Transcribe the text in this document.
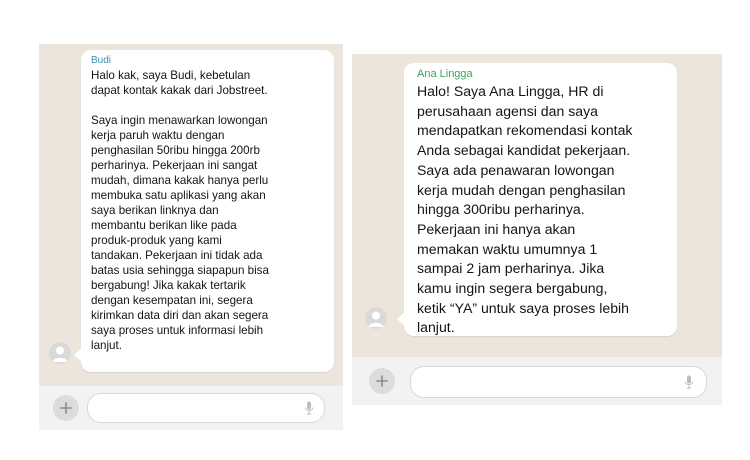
Budi

Halo kak, saya Budi, kebetulan
dapat kontak kakak dari Jobstreet.

Saya ingin menawarkan lowongan
kerja paruh waktu dengan
penghasilan 50ribu hingga 200rb
perharinya. Pekerjaan ini sangat
mudah, dimana kakak hanya perlu
membuka satu aplikasi yang akan
saya berikan linknya dan
membantu berikan like pada
produk-produk yang kami
tandakan. Pekerjaan ini tidak ada
batas usia sehingga siapapun bisa
bergabung! Jika kakak tertarik
dengan kesempatan ini, segera
kirimkan data diri dan akan segera
saya proses untuk informasi lebih
lanjut.

Ana Lingga

Halo! Saya Ana Lingga, HR di
perusahaan agensi dan saya
mendapatkan rekomendasi kontak
Anda sebagai kandidat pekerjaan.
Saya ada penawaran lowongan
kerja mudah dengan penghasilan
hingga 300ribu perharinya.
Pekerjaan ini hanya akan
memakan waktu umumnya 1
sampai 2 jam perharinya. Jika
kamu ingin segera bergabung,
ketik “YA” untuk saya proses lebih
lanjut.
